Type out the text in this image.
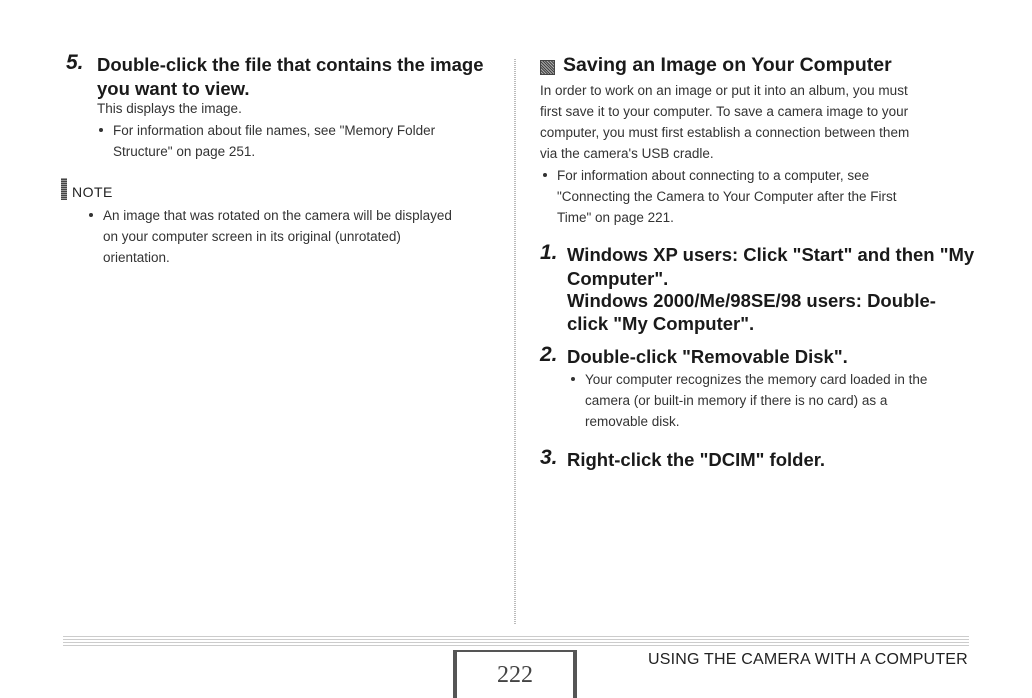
5. Double-click the file that contains the image
you want to view.
This displays the image.
For information about file names, see "Memory Folder
Structure" on page 251.
NOTE
An image that was rotated on the camera will be displayed
on your computer screen in its original (unrotated)
orientation.
Saving an Image on Your Computer
In order to work on an image or put it into an album, you must
first save it to your computer. To save a camera image to your
computer, you must first establish a connection between them
via the camera's USB cradle.
For information about connecting to a computer, see
"Connecting the Camera to Your Computer after the First
Time" on page 221.
1. Windows XP users: Click "Start" and then "My
Computer".
Windows 2000/Me/98SE/98 users: Double-
click "My Computer".
2. Double-click "Removable Disk".
Your computer recognizes the memory card loaded in the
camera (or built-in memory if there is no card) as a
removable disk.
3. Right-click the "DCIM" folder.
222
USING THE CAMERA WITH A COMPUTER
